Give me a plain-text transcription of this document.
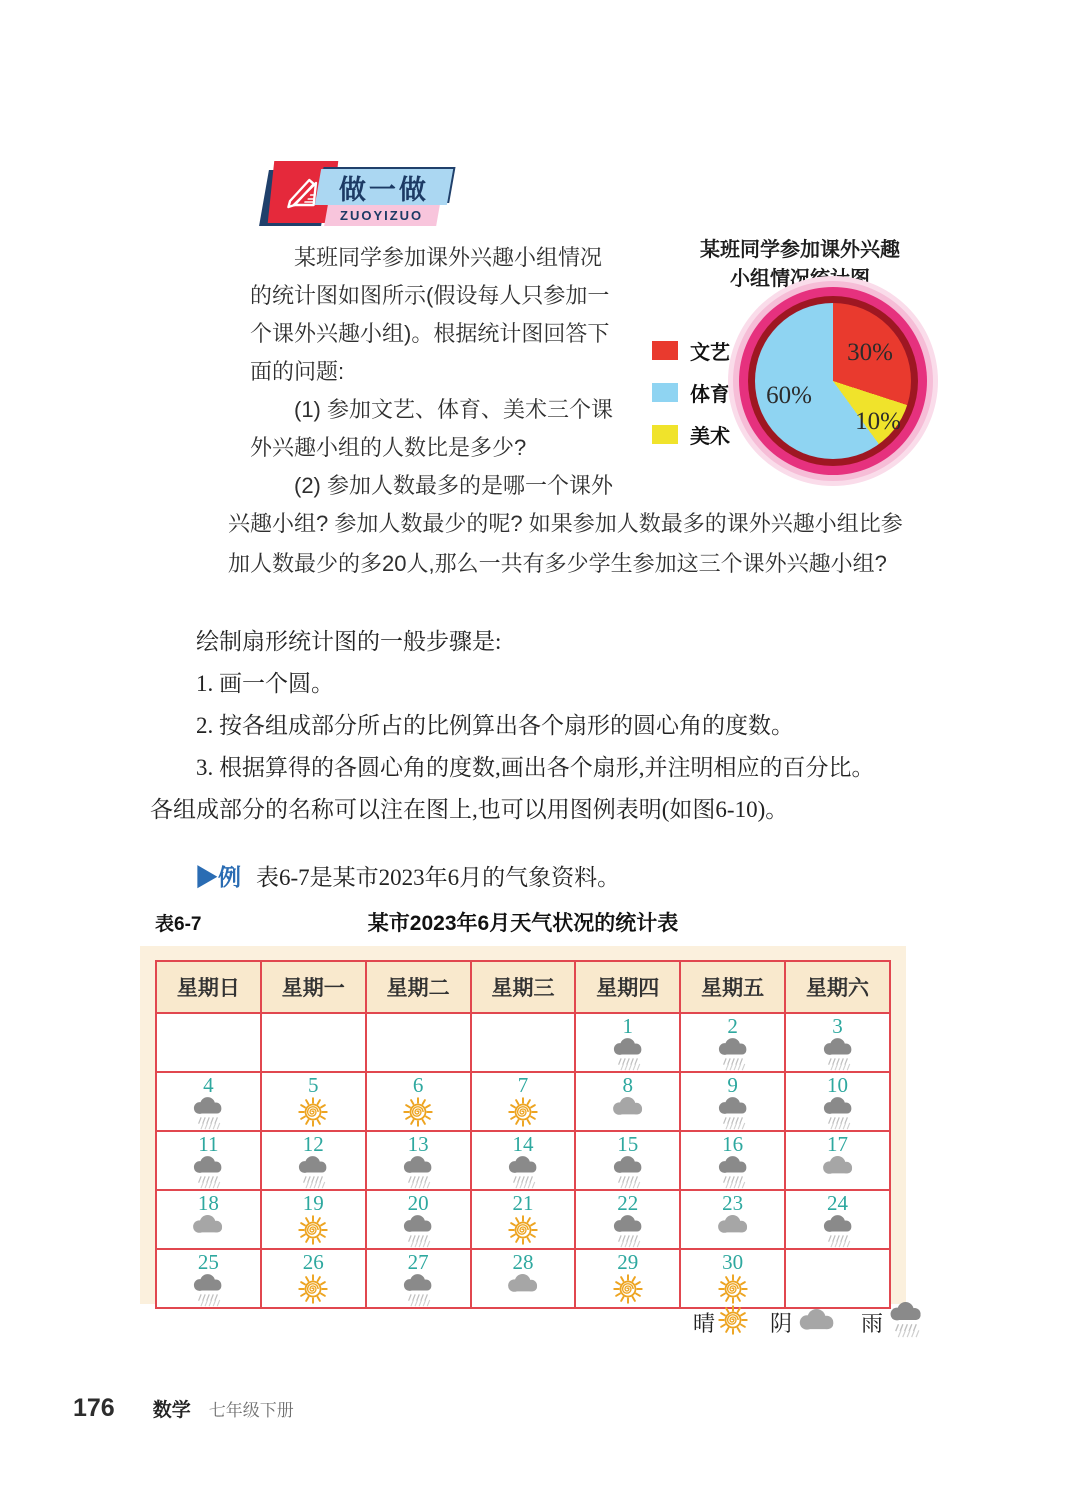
做一做
ZUOYIZUO
某班同学参加课外兴趣
小组情况统计图
文艺
体育
美术
30%
60%
10%
▶例 表6-7是某市2023年6月的气象资料。
表6-7	某市2023年6月天气状况的统计表
星期日	星期一	星期二	星期三	星期四	星期五	星期六

				1	2	3

4	5	6	7	8	9	10

11	12	13	14	15	16	17

18	19	20	21	22	23	24

25	26	27	28	29	30	

晴	阴	雨
176 数学 七年级下册
　　某班同学参加课外兴趣小组情况
的统计图如图所示(假设每人只参加一
个课外兴趣小组)。根据统计图回答下
面的问题:
　　(1) 参加文艺、体育、美术三个课
外兴趣小组的人数比是多少?
　　(2) 参加人数最多的是哪一个课外
兴趣小组? 参加人数最少的呢? 如果参加人数最多的课外兴趣小组比参
加人数最少的多20人,那么一共有多少学生参加这三个课外兴趣小组?
　　绘制扇形统计图的一般步骤是:
　　1. 画一个圆。
　　2. 按各组成部分所占的比例算出各个扇形的圆心角的度数。
　　3. 根据算得的各圆心角的度数,画出各个扇形,并注明相应的百分比。
各组成部分的名称可以注在图上,也可以用图例表明(如图6-10)。
